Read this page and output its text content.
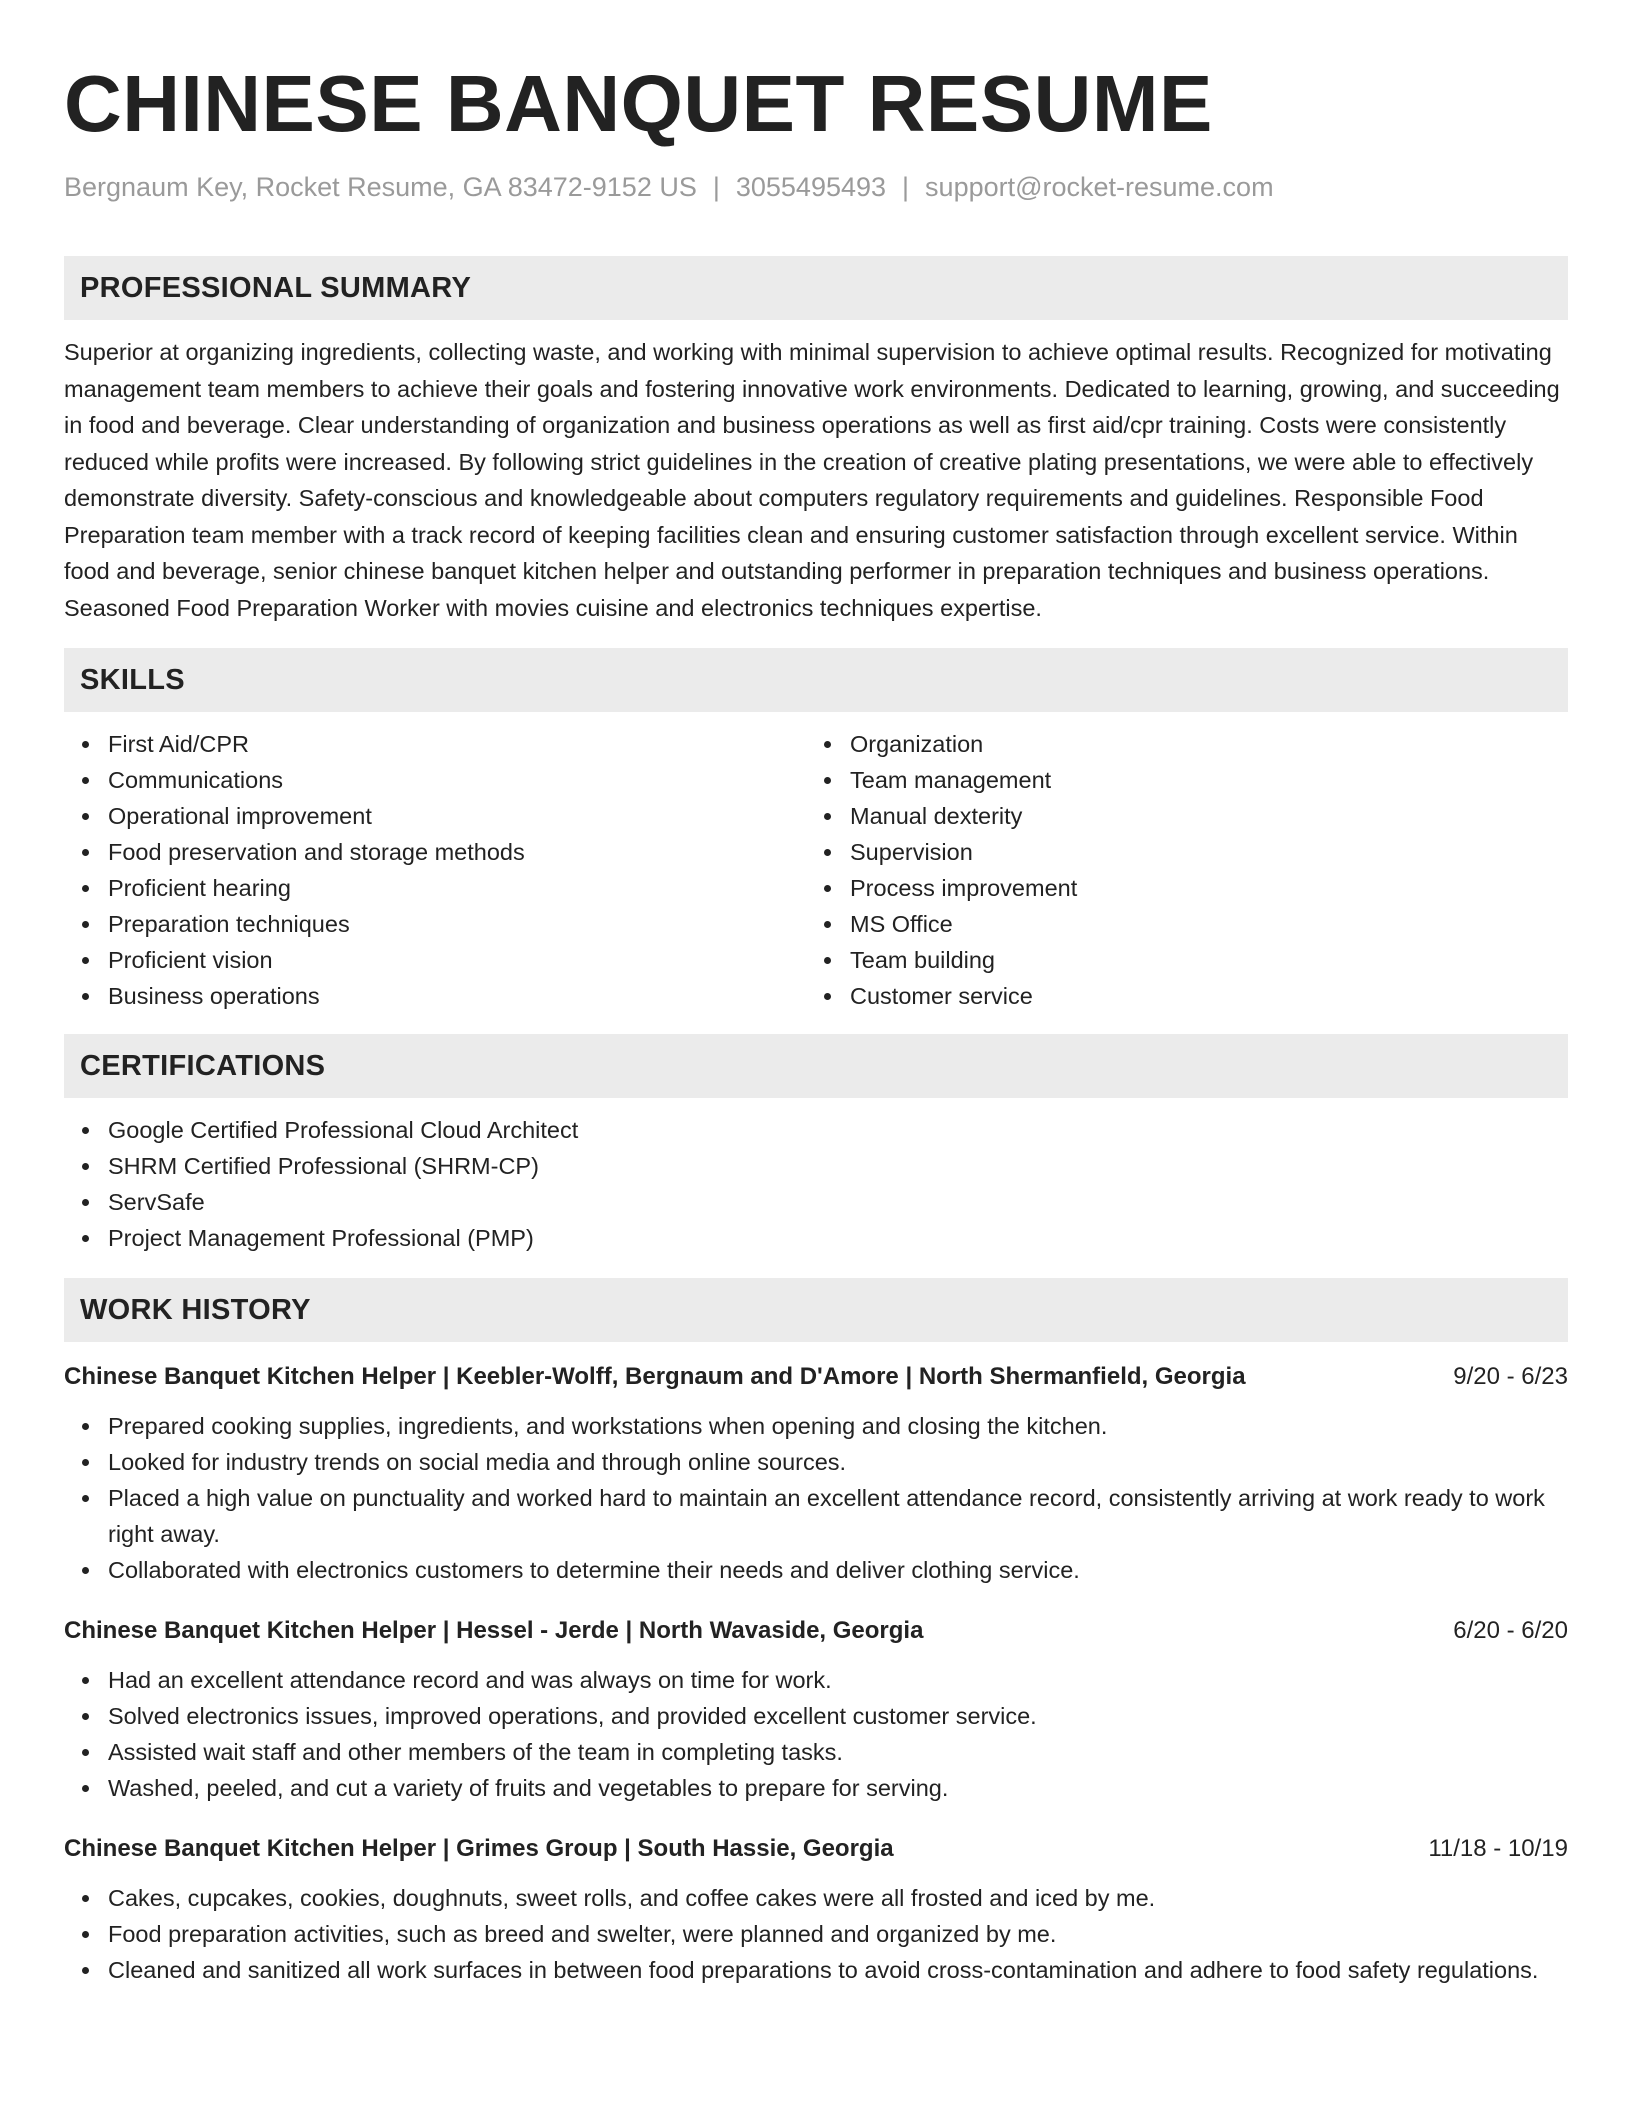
CHINESE BANQUET RESUME
Bergnaum Key, Rocket Resume, GA 83472-9152 US | 3055495493 | support@rocket-resume.com
PROFESSIONAL SUMMARY

Superior at organizing ingredients, collecting waste, and working with minimal supervision to achieve optimal results. Recognized for motivating management team members to achieve their goals and fostering innovative work environments. Dedicated to learning, growing, and succeeding in food and beverage. Clear understanding of organization and business operations as well as first aid/cpr training. Costs were consistently reduced while profits were increased. By following strict guidelines in the creation of creative plating presentations, we were able to effectively demonstrate diversity. Safety-conscious and knowledgeable about computers regulatory requirements and guidelines. Responsible Food Preparation team member with a track record of keeping facilities clean and ensuring customer satisfaction through excellent service. Within food and beverage, senior chinese banquet kitchen helper and outstanding performer in preparation techniques and business operations. Seasoned Food Preparation Worker with movies cuisine and electronics techniques expertise.

SKILLS
First Aid/CPR
Communications
Operational improvement
Food preservation and storage methods
Proficient hearing
Preparation techniques
Proficient vision
Business operations
Organization
Team management
Manual dexterity
Supervision
Process improvement
MS Office
Team building
Customer service
CERTIFICATIONS
Google Certified Professional Cloud Architect
SHRM Certified Professional (SHRM-CP)
ServSafe
Project Management Professional (PMP)
WORK HISTORY
Chinese Banquet Kitchen Helper | Keebler-Wolff, Bergnaum and D'Amore | North Shermanfield, Georgia	9/20 - 6/23
Prepared cooking supplies, ingredients, and workstations when opening and closing the kitchen.
Looked for industry trends on social media and through online sources.
Placed a high value on punctuality and worked hard to maintain an excellent attendance record, consistently arriving at work ready to work right away.
Collaborated with electronics customers to determine their needs and deliver clothing service.
Chinese Banquet Kitchen Helper | Hessel - Jerde | North Wavaside, Georgia	6/20 - 6/20
Had an excellent attendance record and was always on time for work.
Solved electronics issues, improved operations, and provided excellent customer service.
Assisted wait staff and other members of the team in completing tasks.
Washed, peeled, and cut a variety of fruits and vegetables to prepare for serving.
Chinese Banquet Kitchen Helper | Grimes Group | South Hassie, Georgia	11/18 - 10/19
Cakes, cupcakes, cookies, doughnuts, sweet rolls, and coffee cakes were all frosted and iced by me.
Food preparation activities, such as breed and swelter, were planned and organized by me.
Cleaned and sanitized all work surfaces in between food preparations to avoid cross-contamination and adhere to food safety regulations.
